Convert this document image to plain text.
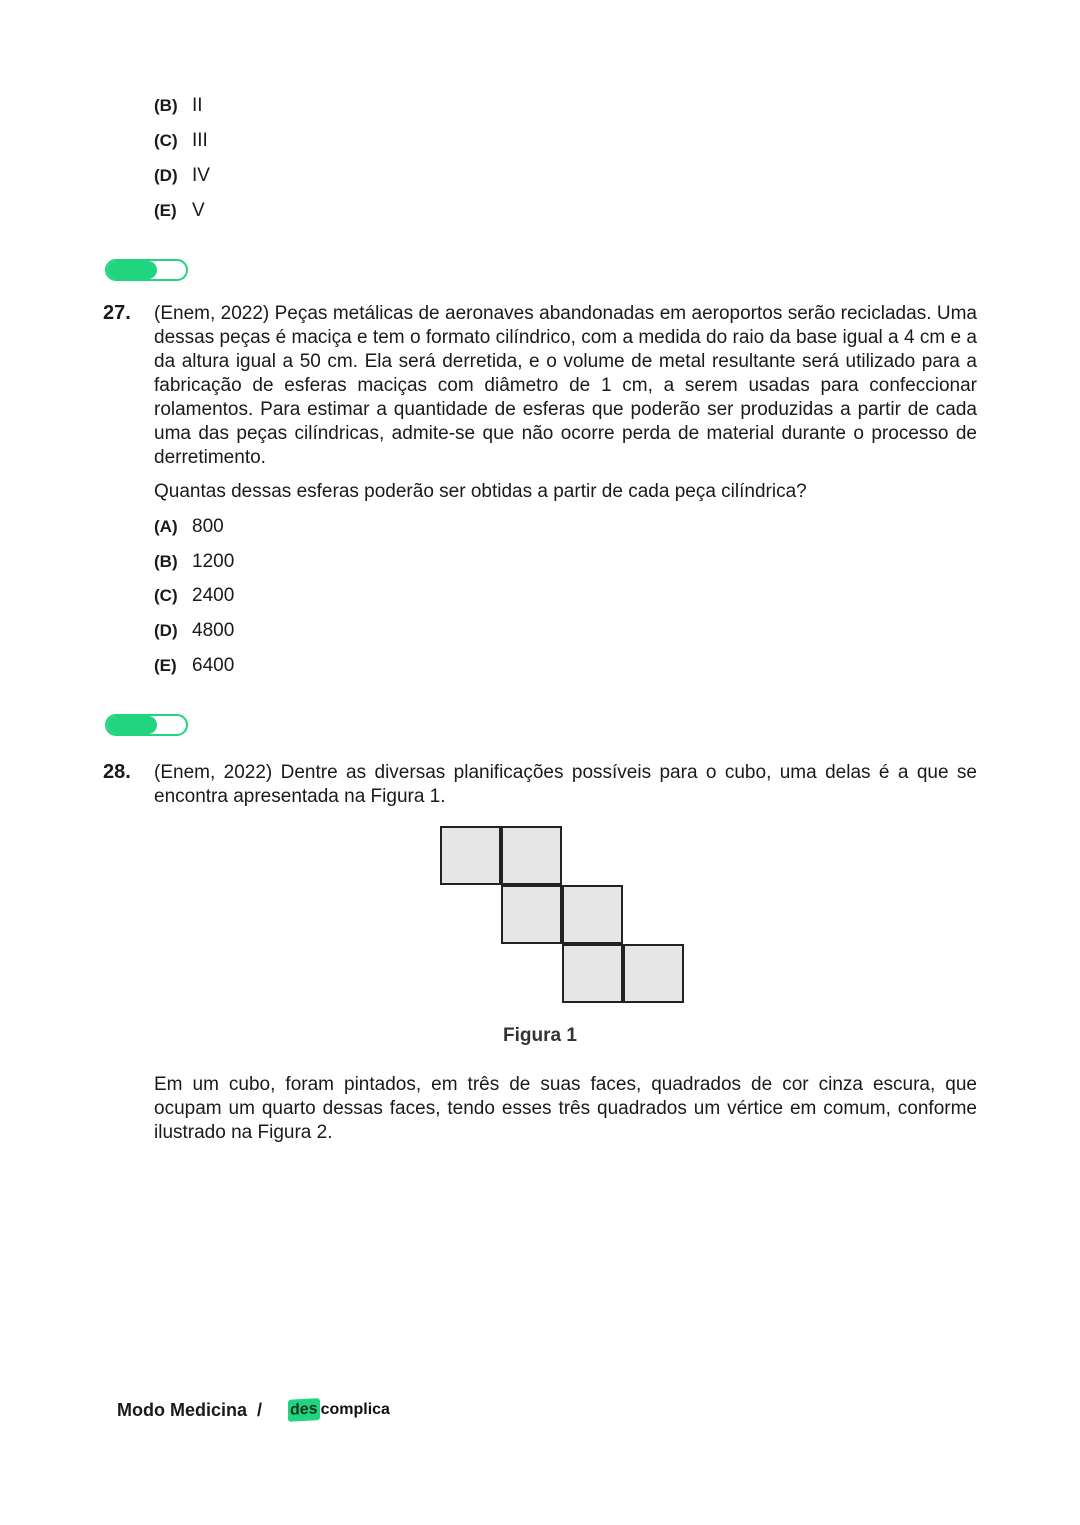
(B) II
(C) III
(D) IV
(E) V
27. (Enem, 2022) Peças metálicas de aeronaves abandonadas em aeroportos serão recicladas. Uma dessas peças é maciça e tem o formato cilíndrico, com a medida do raio da base igual a 4 cm e a da altura igual a 50 cm. Ela será derretida, e o volume de metal resultante será utilizado para a fabricação de esferas maciças com diâmetro de 1 cm, a serem usadas para confeccionar rolamentos. Para estimar a quantidade de esferas que poderão ser produzidas a partir de cada uma das peças cilíndricas, admite-se que não ocorre perda de material durante o processo de derretimento.
Quantas dessas esferas poderão ser obtidas a partir de cada peça cilíndrica?
(A) 800
(B) 1200
(C) 2400
(D) 4800
(E) 6400
28. (Enem, 2022) Dentre as diversas planificações possíveis para o cubo, uma delas é a que se encontra apresentada na Figura 1.
Figura 1
Em um cubo, foram pintados, em três de suas faces, quadrados de cor cinza escura, que ocupam um quarto dessas faces, tendo esses três quadrados um vértice em comum, conforme ilustrado na Figura 2.
Modo Medicina / des complica
